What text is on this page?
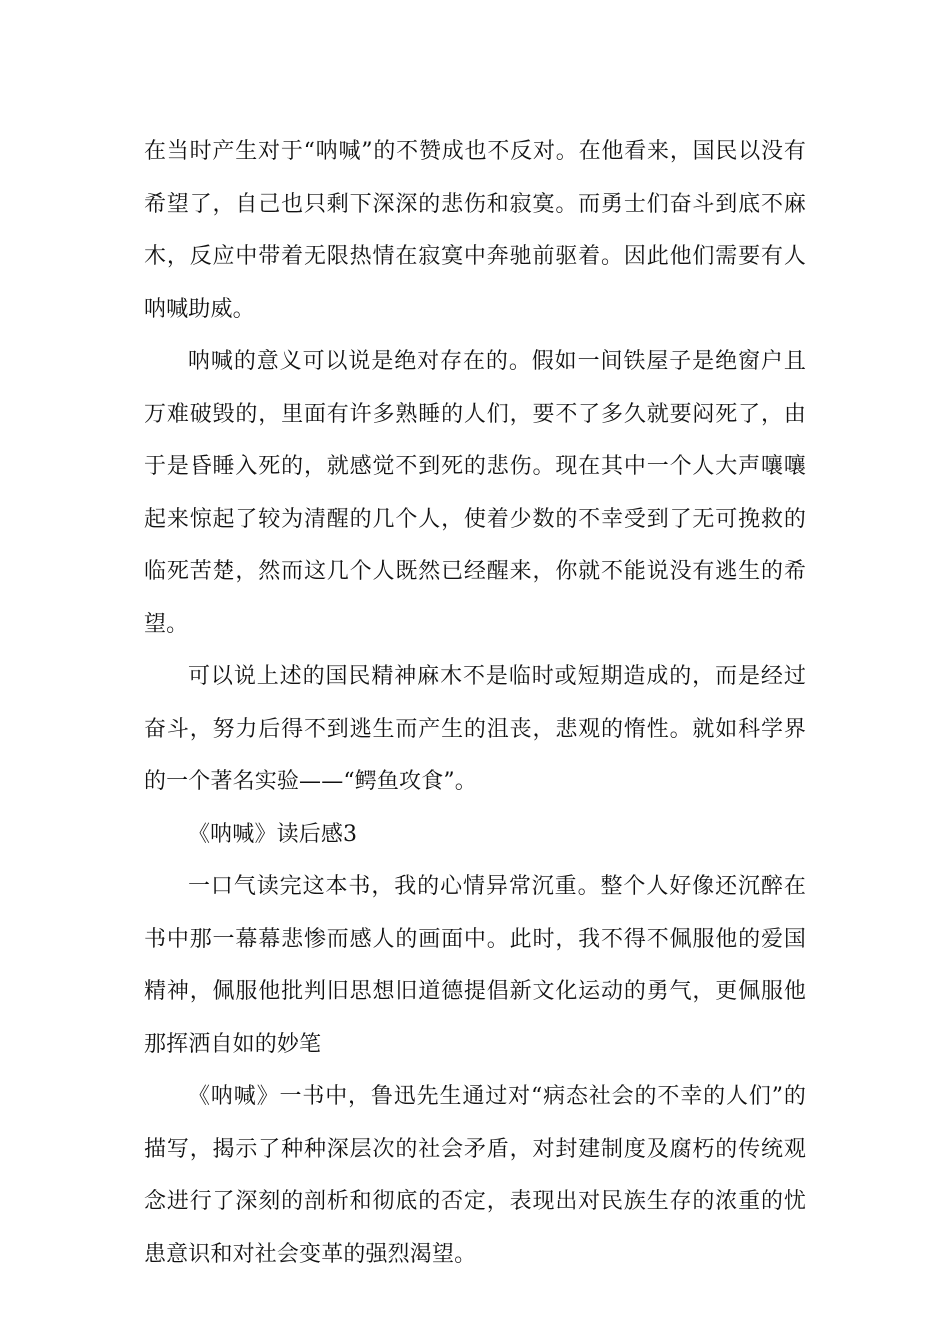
在当时产生对于“呐喊”的不赞成也不反对。在他看来，国民以没有希望了，自己也只剩下深深的悲伤和寂寞。而勇士们奋斗到底不麻木，反应中带着无限热情在寂寞中奔驰前驱着。因此他们需要有人呐喊助威。

呐喊的意义可以说是绝对存在的。假如一间铁屋子是绝窗户且万难破毁的，里面有许多熟睡的人们，要不了多久就要闷死了，由于是昏睡入死的，就感觉不到死的悲伤。现在其中一个人大声嚷嚷起来惊起了较为清醒的几个人，使着少数的不幸受到了无可挽救的临死苦楚，然而这几个人既然已经醒来，你就不能说没有逃生的希望。

可以说上述的国民精神麻木不是临时或短期造成的，而是经过奋斗，努力后得不到逃生而产生的沮丧，悲观的惰性。就如科学界的一个著名实验——“鳄鱼攻食”。

《呐喊》读后感3

一口气读完这本书，我的心情异常沉重。整个人好像还沉醉在书中那一幕幕悲惨而感人的画面中。此时，我不得不佩服他的爱国精神，佩服他批判旧思想旧道德提倡新文化运动的勇气，更佩服他那挥洒自如的妙笔

《呐喊》一书中，鲁迅先生通过对“病态社会的不幸的人们”的描写，揭示了种种深层次的社会矛盾，对封建制度及腐朽的传统观念进行了深刻的剖析和彻底的否定，表现出对民族生存的浓重的忧患意识和对社会变革的强烈渴望。
